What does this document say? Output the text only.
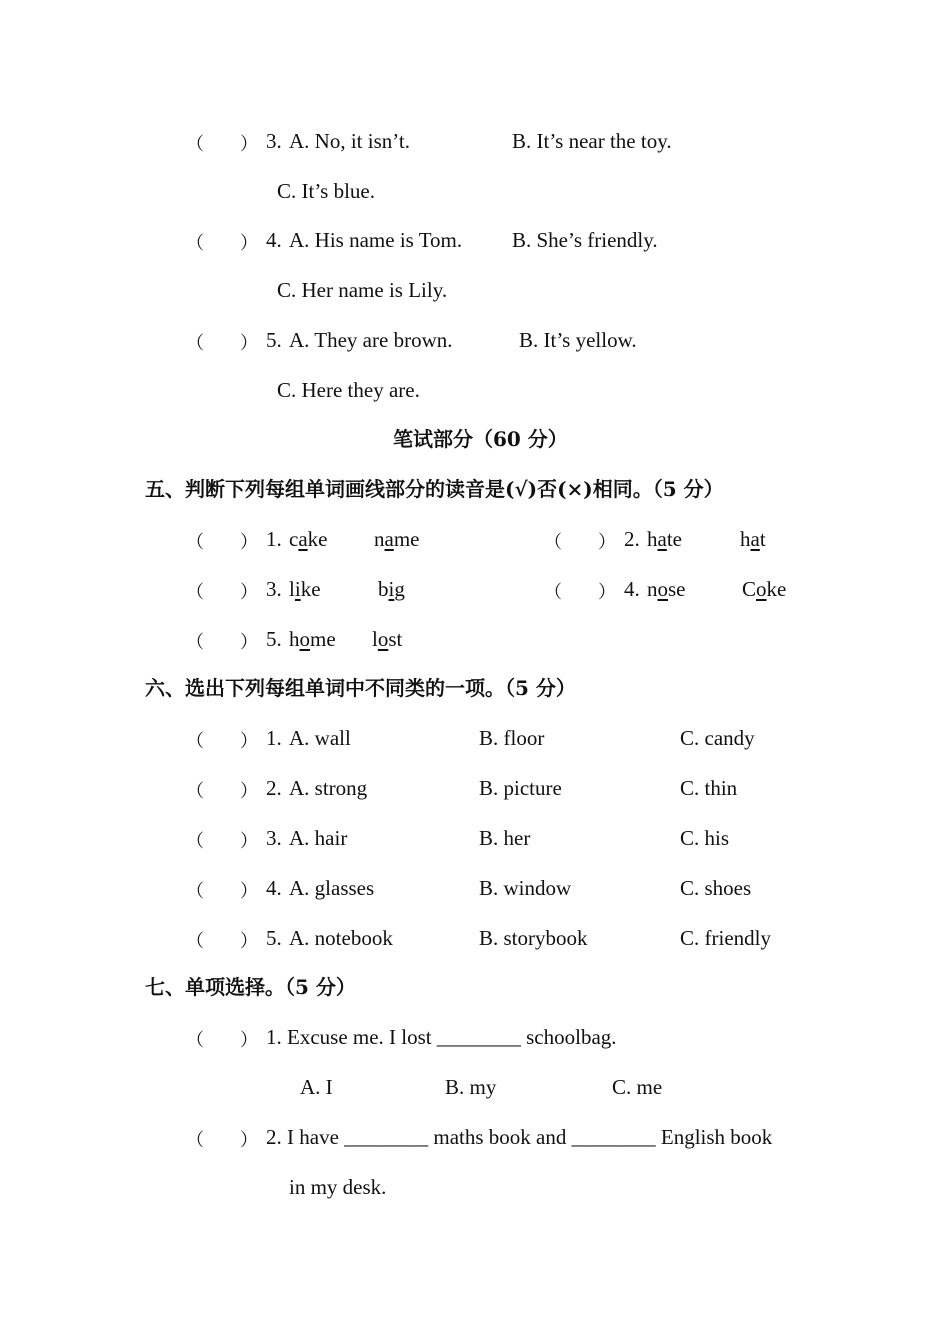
（ ） 3. A. No, it isn’t.	B. It’s near the toy.
C. It’s blue.
（ ） 4. A. His name is Tom. B. She’s friendly.
C. Her name is Lily.
（ ） 5. A. They are brown.	B. It’s yellow.
C. Here they are.
笔试部分（60 分）
五、判断下列每组单词画线部分的读音是(√)否(×)相同。（5 分）
（ ） 1. cake name	（ ） 2. hate	hat
（ ） 3. like	big	（ ） 4. nose	Coke
（ ） 5. home lost
六、选出下列每组单词中不同类的一项。（5 分）
（ ） 1. A. wall	B. floor	C. candy
（ ） 2. A. strong	B. picture	C. thin
（ ） 3. A. hair	B. her	C. his
（ ） 4. A. glasses	B. window	C. shoes
（ ） 5. A. notebook	B. storybook	C. friendly
七、单项选择。（5 分）
（ ） 1. Excuse me. I lost ________ schoolbag.
A. I	B. my	C. me
（ ） 2. I have ________ maths book and ________ English book
in my desk.
